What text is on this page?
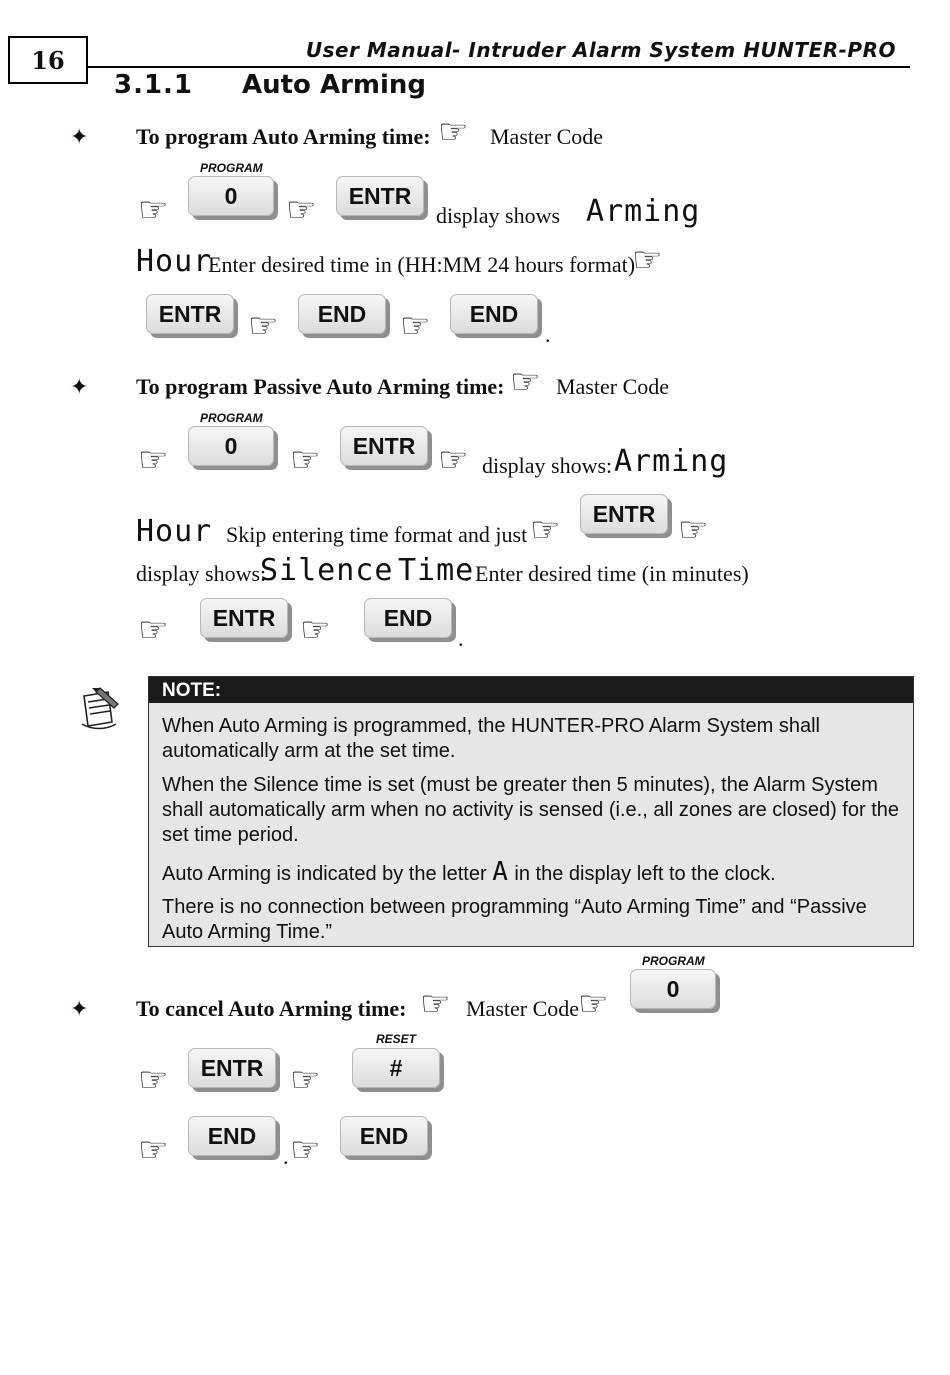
16	User Manual- Intruder Alarm System HUNTER-PRO
3.1.1 Auto Arming
✦ To program Auto Arming time: ☞ Master Code
☞
PROGRAM
0	☞	ENTR
display shows Arming
Hour
Enter desired time in (HH:MM 24 hours format)
☞
ENTR ☞	END ☞	END
.
✦ To program Passive Auto Arming time: ☞ Master Code
☞
PROGRAM
0	☞	ENTR ☞ display shows: Arming
Hour Skip entering time format and just ☞	ENTR ☞
display shows:
Silence Time
. Enter desired time (in minutes)
☞	ENTR ☞	END
.
NOTE:
When Auto Arming is programmed, the HUNTER-PRO Alarm System shall automatically arm at the set time.
When the Silence time is set (must be greater then 5 minutes), the Alarm System shall automatically arm when no activity is sensed (i.e., all zones are closed) for the set time period.
Auto Arming is indicated by the letter A in the display left to the clock.
There is no connection between programming “Auto Arming Time” and “Passive Auto Arming Time.”
✦ To cancel Auto Arming time: ☞ Master Code
☞
PROGRAM
0
☞	ENTR ☞
RESET
#
☞	END
. ☞	END
